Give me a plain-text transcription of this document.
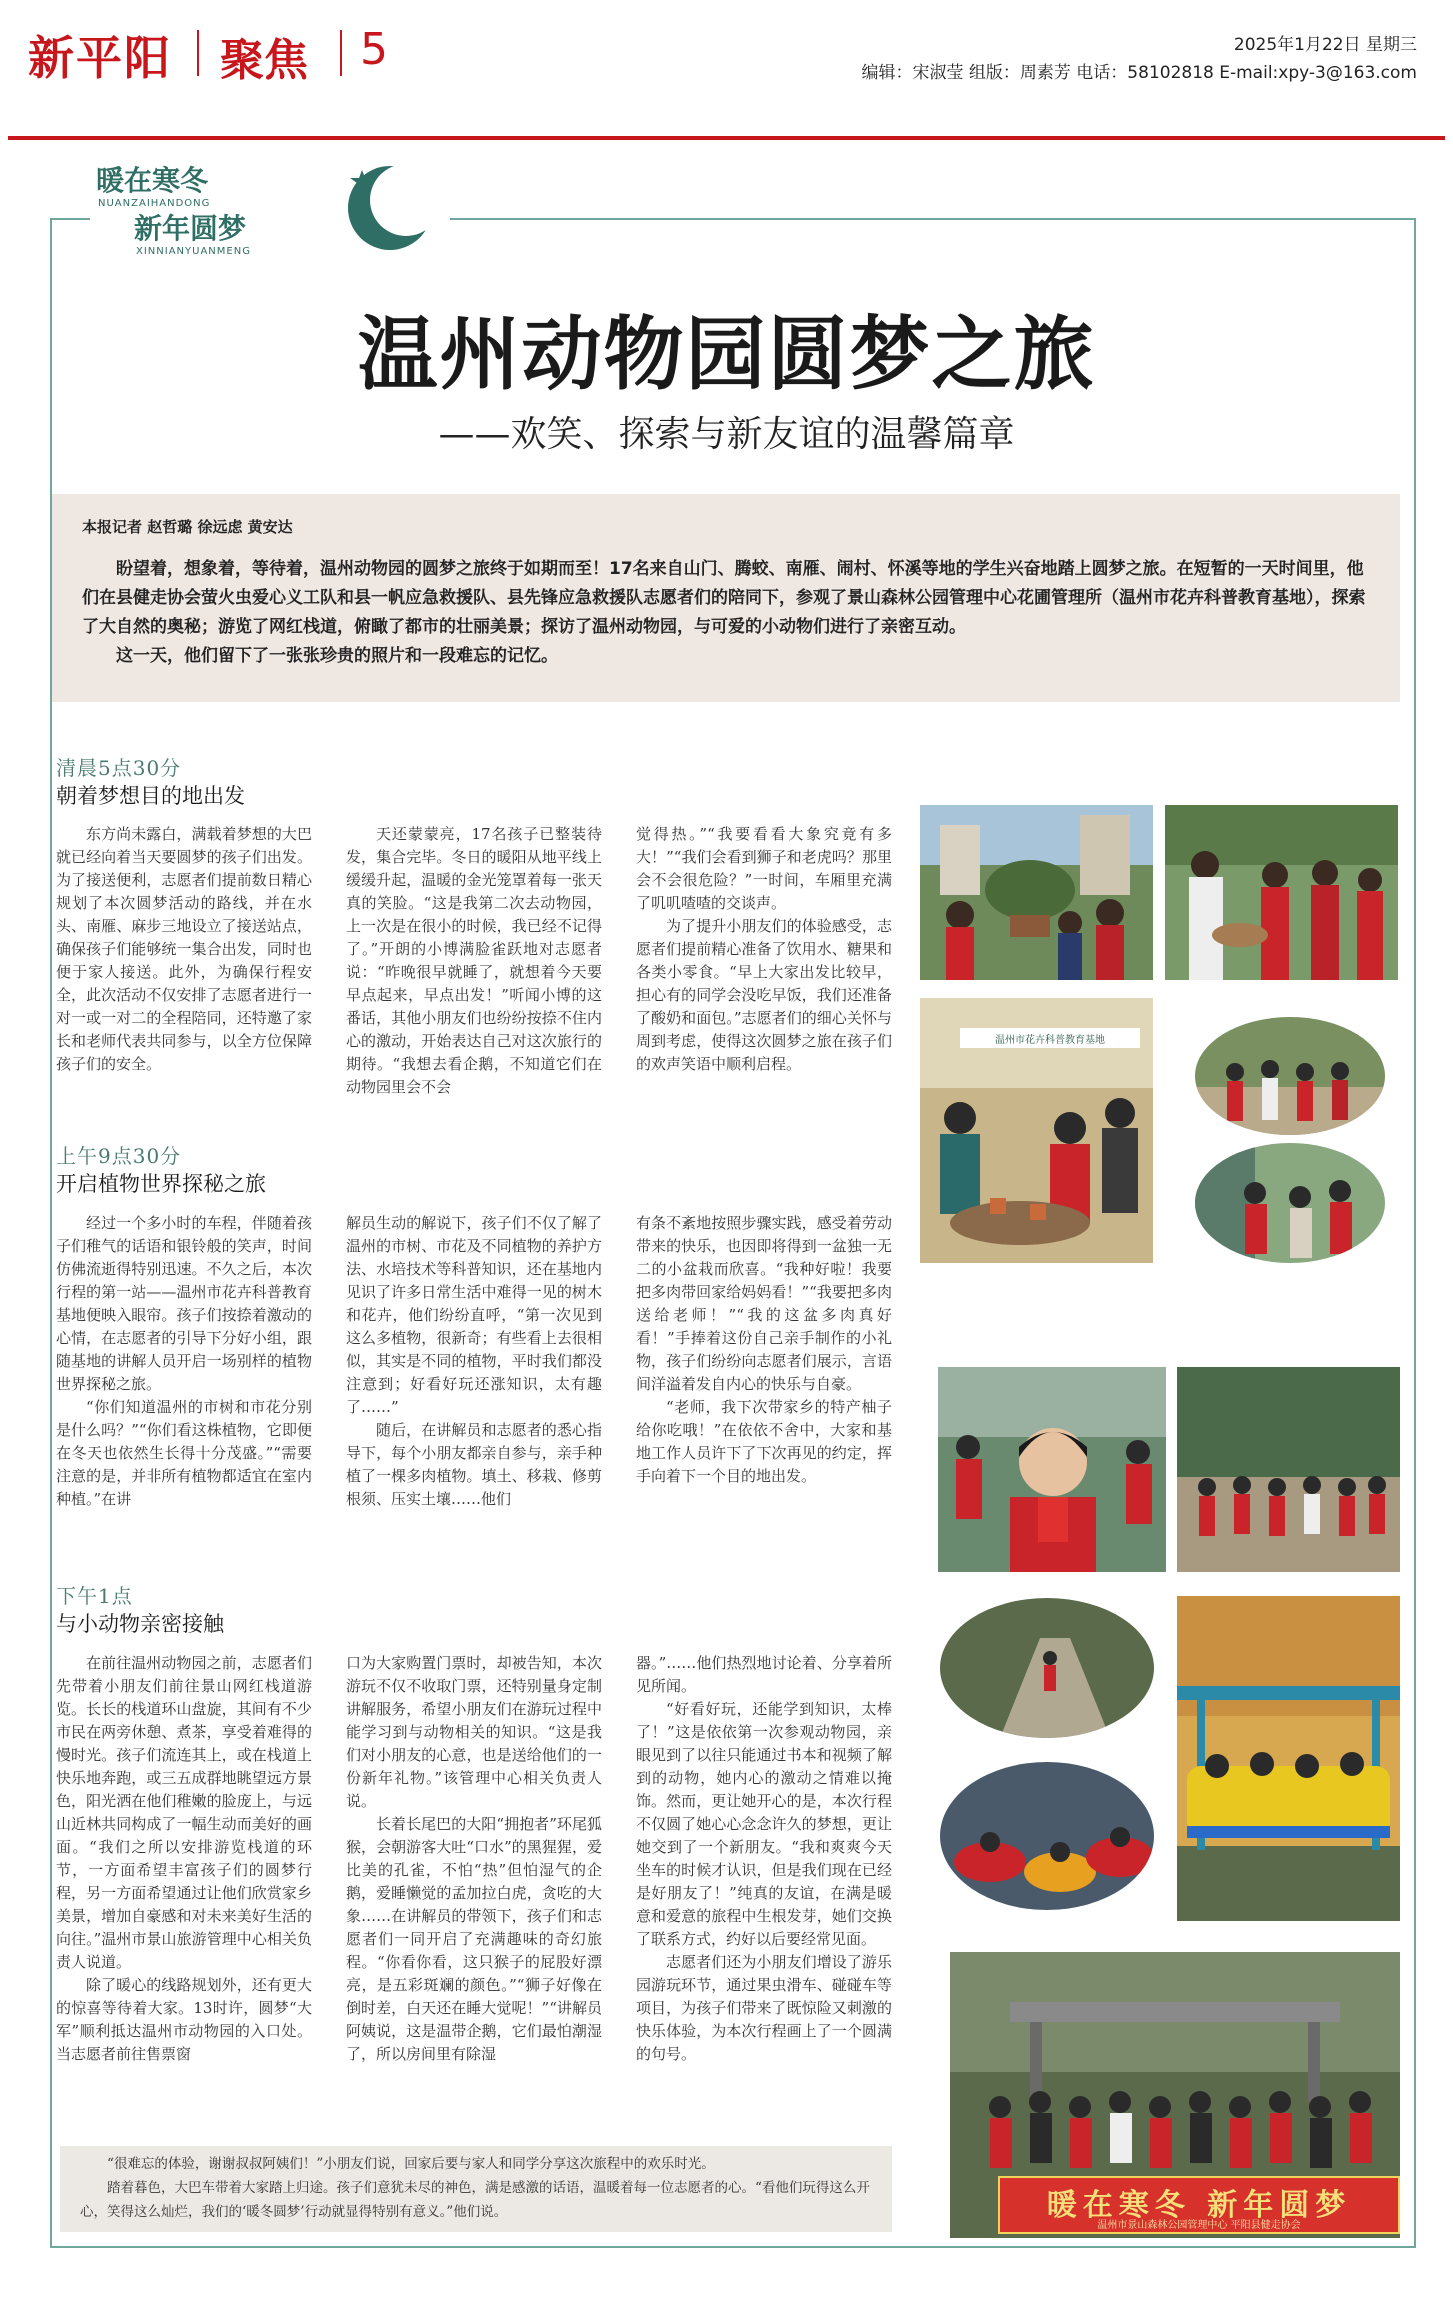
新平阳 聚焦 5	2025年1月22日 星期三
编辑：宋淑莹 组版：周素芳 电话：58102818 E-mail:xpy-3@163.com
暖在寒冬
NUANZAIHANDONG
新年圆梦
XINNIANYUANMENG
温州动物园圆梦之旅
——欢笑、探索与新友谊的温馨篇章
本报记者 赵哲璐 徐远虑 黄安达

盼望着，想象着，等待着，温州动物园的圆梦之旅终于如期而至！17名来自山门、腾蛟、南雁、闹村、怀溪等地的学生兴奋地踏上圆梦之旅。在短暂的一天时间里，他们在县健走协会萤火虫爱心义工队和县一帆应急救援队、县先锋应急救援队志愿者们的陪同下，参观了景山森林公园管理中心花圃管理所（温州市花卉科普教育基地），探索了大自然的奥秘；游览了网红栈道，俯瞰了都市的壮丽美景；探访了温州动物园，与可爱的小动物们进行了亲密互动。

这一天，他们留下了一张张珍贵的照片和一段难忘的记忆。

清晨5点30分
朝着梦想目的地出发

东方尚未露白，满载着梦想的大巴就已经向着当天要圆梦的孩子们出发。为了接送便利，志愿者们提前数日精心规划了本次圆梦活动的路线，并在水头、南雁、麻步三地设立了接送站点，确保孩子们能够统一集合出发，同时也便于家人接送。此外，为确保行程安全，此次活动不仅安排了志愿者进行一对一或一对二的全程陪同，还特邀了家长和老师代表共同参与，以全方位保障孩子们的安全。

天还蒙蒙亮，17名孩子已整装待发，集合完毕。冬日的暖阳从地平线上缓缓升起，温暖的金光笼罩着每一张天真的笑脸。“这是我第二次去动物园，上一次是在很小的时候，我已经不记得了。”开朗的小博满脸雀跃地对志愿者说：“昨晚很早就睡了，就想着今天要早点起来，早点出发！”听闻小博的这番话，其他小朋友们也纷纷按捺不住内心的激动，开始表达自己对这次旅行的期待。“我想去看企鹅，不知道它们在动物园里会不会

觉得热。”“我要看看大象究竟有多大！”“我们会看到狮子和老虎吗？那里会不会很危险？”一时间，车厢里充满了叽叽喳喳的交谈声。

为了提升小朋友们的体验感受，志愿者们提前精心准备了饮用水、糖果和各类小零食。“早上大家出发比较早，担心有的同学会没吃早饭，我们还准备了酸奶和面包。”志愿者们的细心关怀与周到考虑，使得这次圆梦之旅在孩子们的欢声笑语中顺利启程。

上午9点30分
开启植物世界探秘之旅

经过一个多小时的车程，伴随着孩子们稚气的话语和银铃般的笑声，时间仿佛流逝得特别迅速。不久之后，本次行程的第一站——温州市花卉科普教育基地便映入眼帘。孩子们按捺着激动的心情，在志愿者的引导下分好小组，跟随基地的讲解人员开启一场别样的植物世界探秘之旅。

“你们知道温州的市树和市花分别是什么吗？”“你们看这株植物，它即便在冬天也依然生长得十分茂盛。”“需要注意的是，并非所有植物都适宜在室内种植。”在讲

解员生动的解说下，孩子们不仅了解了温州的市树、市花及不同植物的养护方法、水培技术等科普知识，还在基地内见识了许多日常生活中难得一见的树木和花卉，他们纷纷直呼，“第一次见到这么多植物，很新奇；有些看上去很相似，其实是不同的植物，平时我们都没注意到；好看好玩还涨知识，太有趣了……”

随后，在讲解员和志愿者的悉心指导下，每个小朋友都亲自参与，亲手种植了一棵多肉植物。填土、移栽、修剪根须、压实土壤……他们

有条不紊地按照步骤实践，感受着劳动带来的快乐，也因即将得到一盆独一无二的小盆栽而欣喜。“我种好啦！我要把多肉带回家给妈妈看！”“我要把多肉送给老师！”“我的这盆多肉真好看！”手捧着这份自己亲手制作的小礼物，孩子们纷纷向志愿者们展示，言语间洋溢着发自内心的快乐与自豪。

“老师，我下次带家乡的特产柚子给你吃哦！”在依依不舍中，大家和基地工作人员许下了下次再见的约定，挥手向着下一个目的地出发。

下午1点
与小动物亲密接触

在前往温州动物园之前，志愿者们先带着小朋友们前往景山网红栈道游览。长长的栈道环山盘旋，其间有不少市民在两旁休憩、煮茶，享受着难得的慢时光。孩子们流连其上，或在栈道上快乐地奔跑，或三五成群地眺望远方景色，阳光洒在他们稚嫩的脸庞上，与远山近林共同构成了一幅生动而美好的画面。“我们之所以安排游览栈道的环节，一方面希望丰富孩子们的圆梦行程，另一方面希望通过让他们欣赏家乡美景，增加自豪感和对未来美好生活的向往。”温州市景山旅游管理中心相关负责人说道。

除了暖心的线路规划外，还有更大的惊喜等待着大家。13时许，圆梦“大军”顺利抵达温州市动物园的入口处。当志愿者前往售票窗

口为大家购置门票时，却被告知，本次游玩不仅不收取门票，还特别量身定制讲解服务，希望小朋友们在游玩过程中能学习到与动物相关的知识。“这是我们对小朋友的心意，也是送给他们的一份新年礼物。”该管理中心相关负责人说。

长着长尾巴的大阳“拥抱者”环尾狐猴，会朝游客大吐“口水”的黑猩猩，爱比美的孔雀，不怕“热”但怕湿气的企鹅，爱睡懒觉的孟加拉白虎，贪吃的大象……在讲解员的带领下，孩子们和志愿者们一同开启了充满趣味的奇幻旅程。“你看你看，这只猴子的屁股好漂亮，是五彩斑斓的颜色。”“狮子好像在倒时差，白天还在睡大觉呢！”“讲解员阿姨说，这是温带企鹅，它们最怕潮湿了，所以房间里有除湿

器。”……他们热烈地讨论着、分享着所见所闻。

“好看好玩，还能学到知识，太棒了！”这是依依第一次参观动物园，亲眼见到了以往只能通过书本和视频了解到的动物，她内心的激动之情难以掩饰。然而，更让她开心的是，本次行程不仅圆了她心心念念许久的梦想，更让她交到了一个新朋友。“我和爽爽今天坐车的时候才认识，但是我们现在已经是好朋友了！”纯真的友谊，在满是暖意和爱意的旅程中生根发芽，她们交换了联系方式，约好以后要经常见面。

志愿者们还为小朋友们增设了游乐园游玩环节，通过果虫滑车、碰碰车等项目，为孩子们带来了既惊险又刺激的快乐体验，为本次行程画上了一个圆满的句号。

温州市花卉科普教育基地
暖在寒冬 新年圆梦
温州市景山森林公园管理中心 平阳县健走协会

“很难忘的体验，谢谢叔叔阿姨们！”小朋友们说，回家后要与家人和同学分享这次旅程中的欢乐时光。

踏着暮色，大巴车带着大家踏上归途。孩子们意犹未尽的神色，满是感激的话语，温暖着每一位志愿者的心。“看他们玩得这么开心，笑得这么灿烂，我们的‘暖冬圆梦’行动就显得特别有意义。”他们说。
